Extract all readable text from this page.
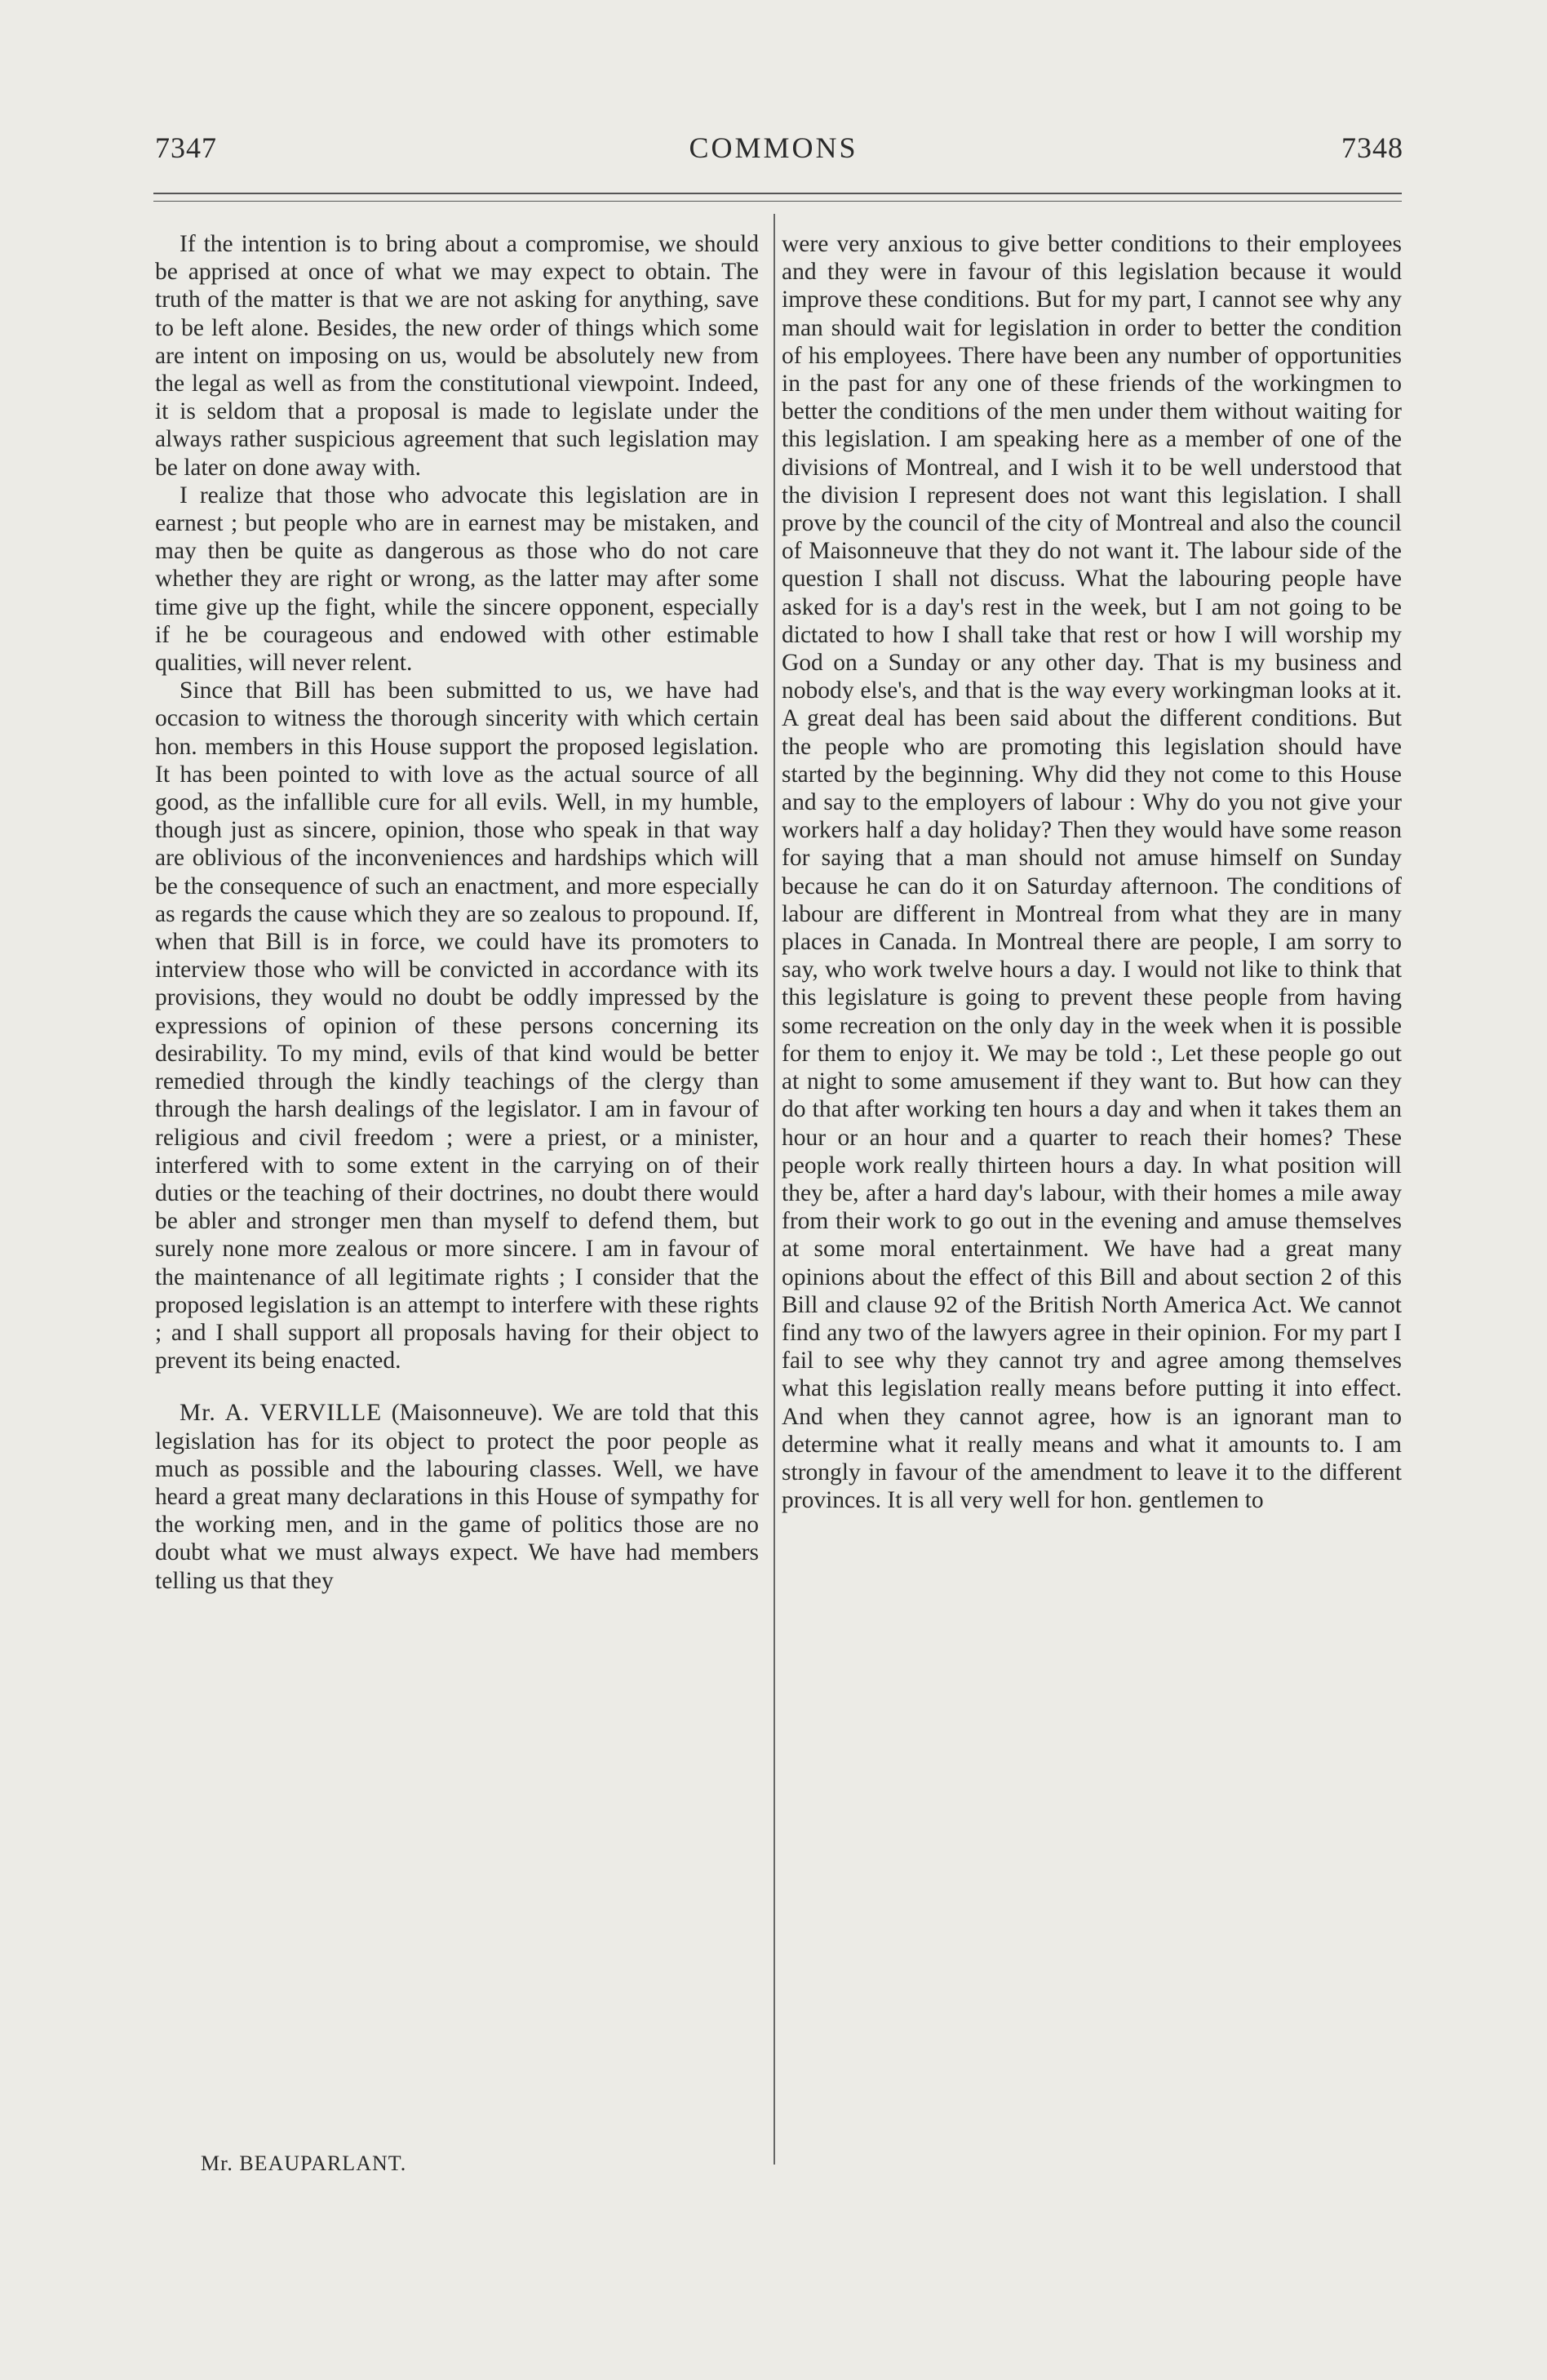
7347	COMMONS	7348

If the intention is to bring about a compromise, we should be apprised at once of what we may expect to obtain. The truth of the matter is that we are not asking for anything, save to be left alone. Besides, the new order of things which some are intent on imposing on us, would be absolutely new from the legal as well as from the constitutional viewpoint. Indeed, it is seldom that a proposal is made to legislate under the always rather suspicious agreement that such legislation may be later on done away with.

I realize that those who advocate this legislation are in earnest ; but people who are in earnest may be mistaken, and may then be quite as dangerous as those who do not care whether they are right or wrong, as the latter may after some time give up the fight, while the sincere opponent, especially if he be courageous and endowed with other estimable qualities, will never relent.

Since that Bill has been submitted to us, we have had occasion to witness the thorough sincerity with which certain hon. members in this House support the proposed legislation. It has been pointed to with love as the actual source of all good, as the infallible cure for all evils. Well, in my humble, though just as sincere, opinion, those who speak in that way are oblivious of the inconveniences and hardships which will be the consequence of such an enactment, and more especially as regards the cause which they are so zealous to propound. If, when that Bill is in force, we could have its promoters to interview those who will be convicted in accordance with its provisions, they would no doubt be oddly impressed by the expressions of opinion of these persons concerning its desirability. To my mind, evils of that kind would be better remedied through the kindly teachings of the clergy than through the harsh dealings of the legislator. I am in favour of religious and civil freedom ; were a priest, or a minister, interfered with to some extent in the carrying on of their duties or the teaching of their doctrines, no doubt there would be abler and stronger men than myself to defend them, but surely none more zealous or more sincere. I am in favour of the maintenance of all legitimate rights ; I consider that the proposed legislation is an attempt to interfere with these rights ; and I shall support all proposals having for their object to prevent its being enacted.

Mr. A. VERVILLE (Maisonneuve). We are told that this legislation has for its object to protect the poor people as much as possible and the labouring classes. Well, we have heard a great many declarations in this House of sympathy for the working men, and in the game of politics those are no doubt what we must always expect. We have had members telling us that they

were very anxious to give better conditions to their employees and they were in favour of this legislation because it would improve these conditions. But for my part, I cannot see why any man should wait for legislation in order to better the condition of his employees. There have been any number of opportunities in the past for any one of these friends of the workingmen to better the conditions of the men under them without waiting for this legislation. I am speaking here as a member of one of the divisions of Montreal, and I wish it to be well understood that the division I represent does not want this legislation. I shall prove by the council of the city of Montreal and also the council of Maisonneuve that they do not want it. The labour side of the question I shall not discuss. What the labouring people have asked for is a day's rest in the week, but I am not going to be dictated to how I shall take that rest or how I will worship my God on a Sunday or any other day. That is my business and nobody else's, and that is the way every workingman looks at it. A great deal has been said about the different conditions. But the people who are promoting this legislation should have started by the beginning. Why did they not come to this House and say to the employers of labour : Why do you not give your workers half a day holiday? Then they would have some reason for saying that a man should not amuse himself on Sunday because he can do it on Saturday afternoon. The conditions of labour are different in Montreal from what they are in many places in Canada. In Montreal there are people, I am sorry to say, who work twelve hours a day. I would not like to think that this legislature is going to prevent these people from having some recreation on the only day in the week when it is possible for them to enjoy it. We may be told :, Let these people go out at night to some amusement if they want to. But how can they do that after working ten hours a day and when it takes them an hour or an hour and a quarter to reach their homes? These people work really thirteen hours a day. In what position will they be, after a hard day's labour, with their homes a mile away from their work to go out in the evening and amuse themselves at some moral entertainment. We have had a great many opinions about the effect of this Bill and about section 2 of this Bill and clause 92 of the British North America Act. We cannot find any two of the lawyers agree in their opinion. For my part I fail to see why they cannot try and agree among themselves what this legislation really means before putting it into effect. And when they cannot agree, how is an ignorant man to determine what it really means and what it amounts to. I am strongly in favour of the amendment to leave it to the different provinces. It is all very well for hon. gentlemen to

Mr. BEAUPARLANT.
